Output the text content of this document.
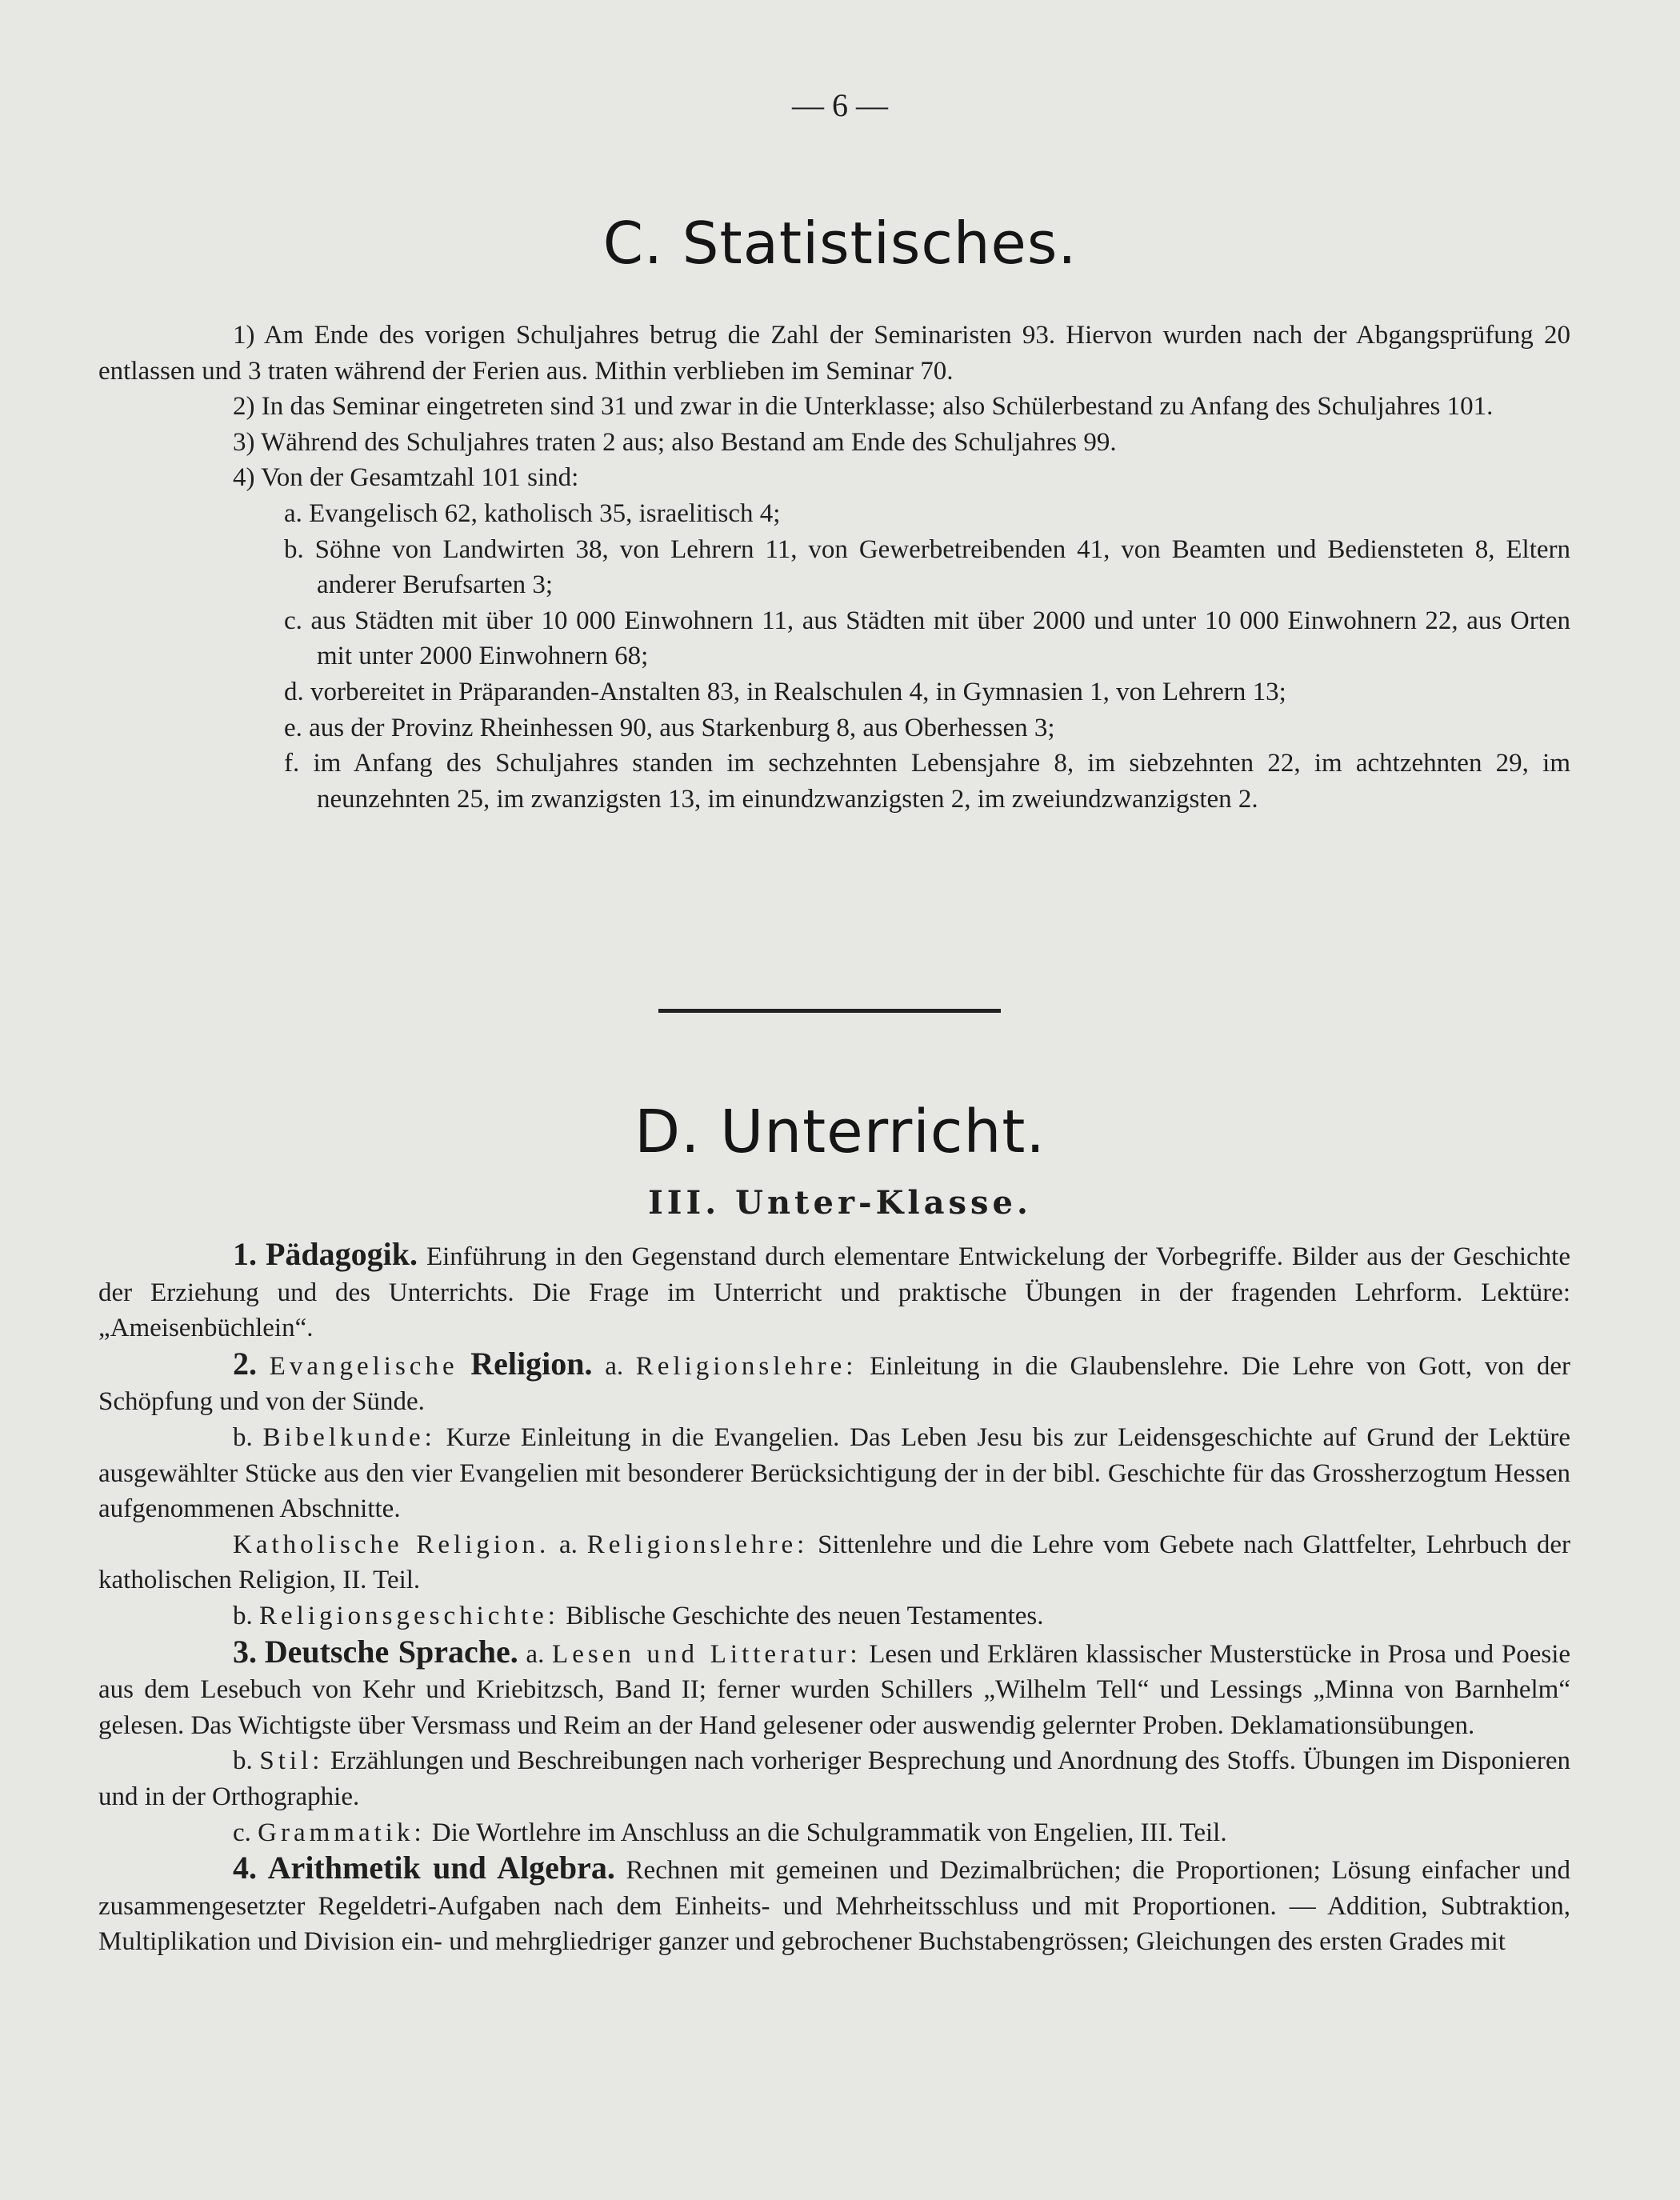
— 6 —
C. Statistisches.

1) Am Ende des vorigen Schuljahres betrug die Zahl der Seminaristen 93. Hiervon wurden nach der Abgangsprüfung 20 entlassen und 3 traten während der Ferien aus. Mithin verblieben im Seminar 70.

2) In das Seminar eingetreten sind 31 und zwar in die Unterklasse; also Schülerbestand zu Anfang des Schuljahres 101.

3) Während des Schuljahres traten 2 aus; also Bestand am Ende des Schuljahres 99.

4) Von der Gesamtzahl 101 sind:

a. Evangelisch 62, katholisch 35, israelitisch 4;

b. Söhne von Landwirten 38, von Lehrern 11, von Gewerbetreibenden 41, von Beamten und Bediensteten 8, Eltern anderer Berufsarten 3;

c. aus Städten mit über 10 000 Einwohnern 11, aus Städten mit über 2000 und unter 10 000 Einwohnern 22, aus Orten mit unter 2000 Einwohnern 68;

d. vorbereitet in Präparanden-Anstalten 83, in Realschulen 4, in Gymnasien 1, von Lehrern 13;

e. aus der Provinz Rheinhessen 90, aus Starkenburg 8, aus Oberhessen 3;

f. im Anfang des Schuljahres standen im sechzehnten Lebensjahre 8, im siebzehnten 22, im achtzehnten 29, im neunzehnten 25, im zwanzigsten 13, im einundzwanzigsten 2, im zweiundzwanzigsten 2.

D. Unterricht.
III. Unter-Klasse.

1. Pädagogik. Einführung in den Gegenstand durch elementare Entwickelung der Vorbegriffe. Bilder aus der Geschichte der Erziehung und des Unterrichts. Die Frage im Unterricht und praktische Übungen in der fragenden Lehrform. Lektüre: „Ameisenbüchlein“.

2. Evangelische Religion. a. Religionslehre: Einleitung in die Glaubenslehre. Die Lehre von Gott, von der Schöpfung und von der Sünde.

b. Bibelkunde: Kurze Einleitung in die Evangelien. Das Leben Jesu bis zur Leidensgeschichte auf Grund der Lektüre ausgewählter Stücke aus den vier Evangelien mit besonderer Berücksichtigung der in der bibl. Geschichte für das Grossherzogtum Hessen aufgenommenen Abschnitte.

Katholische Religion. a. Religionslehre: Sittenlehre und die Lehre vom Gebete nach Glattfelter, Lehrbuch der katholischen Religion, II. Teil.

b. Religionsgeschichte: Biblische Geschichte des neuen Testamentes.

3. Deutsche Sprache. a. Lesen und Litteratur: Lesen und Erklären klassischer Musterstücke in Prosa und Poesie aus dem Lesebuch von Kehr und Kriebitzsch, Band II; ferner wurden Schillers „Wilhelm Tell“ und Lessings „Minna von Barnhelm“ gelesen. Das Wichtigste über Versmass und Reim an der Hand gelesener oder auswendig gelernter Proben. Deklamationsübungen.

b. Stil: Erzählungen und Beschreibungen nach vorheriger Besprechung und Anordnung des Stoffs. Übungen im Disponieren und in der Orthographie.

c. Grammatik: Die Wortlehre im Anschluss an die Schulgrammatik von Engelien, III. Teil.

4. Arithmetik und Algebra. Rechnen mit gemeinen und Dezimalbrüchen; die Proportionen; Lösung einfacher und zusammengesetzter Regeldetri-Aufgaben nach dem Einheits- und Mehrheitsschluss und mit Proportionen. — Addition, Subtraktion, Multiplikation und Division ein- und mehrgliedriger ganzer und gebrochener Buchstabengrössen; Gleichungen des ersten Grades mit
